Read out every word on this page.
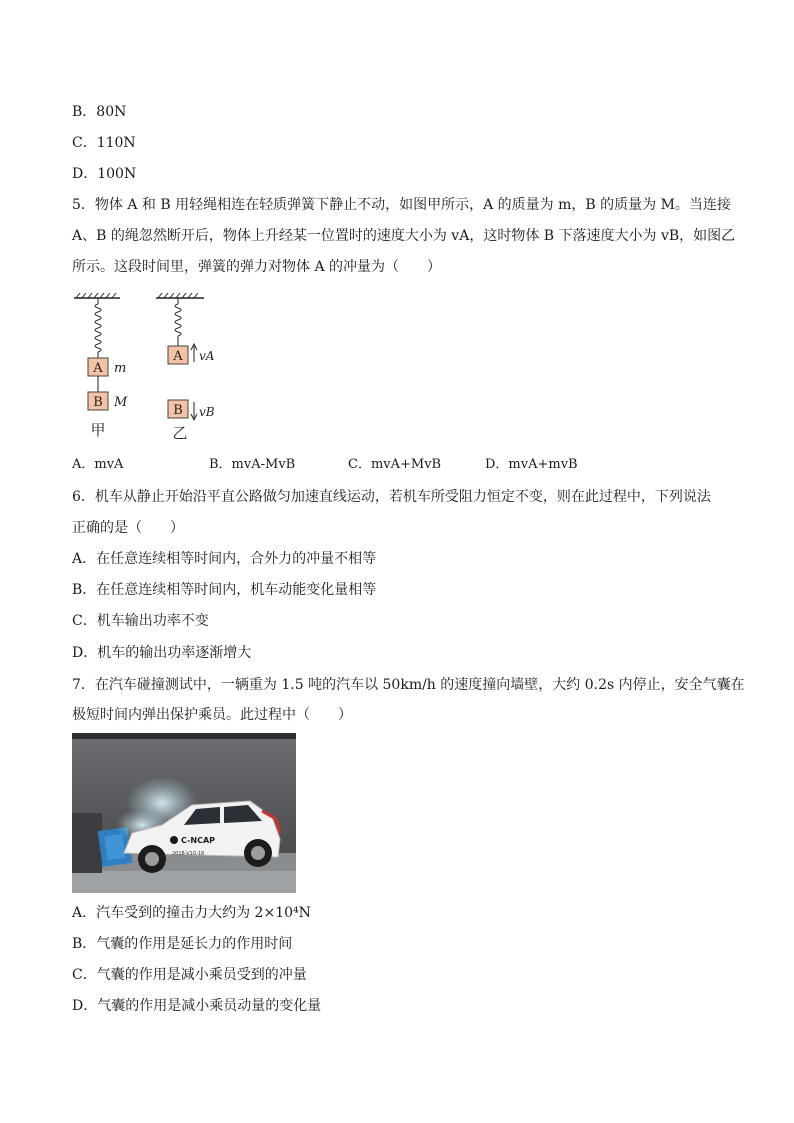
B．80N
C．110N
D．100N
5．物体 A 和 B 用轻绳相连在轻质弹簧下静止不动，如图甲所示，A 的质量为 m，B 的质量为 M。当连接
A、B 的绳忽然断开后，物体上升经某一位置时的速度大小为 vA，这时物体 B 下落速度大小为 vB，如图乙
所示。这段时间里，弹簧的弹力对物体 A 的冲量为（　　）
A m
B M
甲
A vA
B vB
乙
A．mvA	B．mvA-MvB	C．mvA+MvB	D．mvA+mvB
6．机车从静止开始沿平直公路做匀加速直线运动，若机车所受阻力恒定不变，则在此过程中，下列说法
正确的是（　　）
A．在任意连续相等时间内，合外力的冲量不相等
B．在任意连续相等时间内，机车动能变化量相等
C．机车输出功率不变
D．机车的输出功率逐渐增大
7．在汽车碰撞测试中，一辆重为 1.5 吨的汽车以 50km/h 的速度撞向墙壁，大约 0.2s 内停止，安全气囊在
极短时间内弹出保护乘员。此过程中（　　）
C-NCAP
2018-V10-18
A．汽车受到的撞击力大约为 2×10⁴N
B．气囊的作用是延长力的作用时间
C．气囊的作用是减小乘员受到的冲量
D．气囊的作用是减小乘员动量的变化量
